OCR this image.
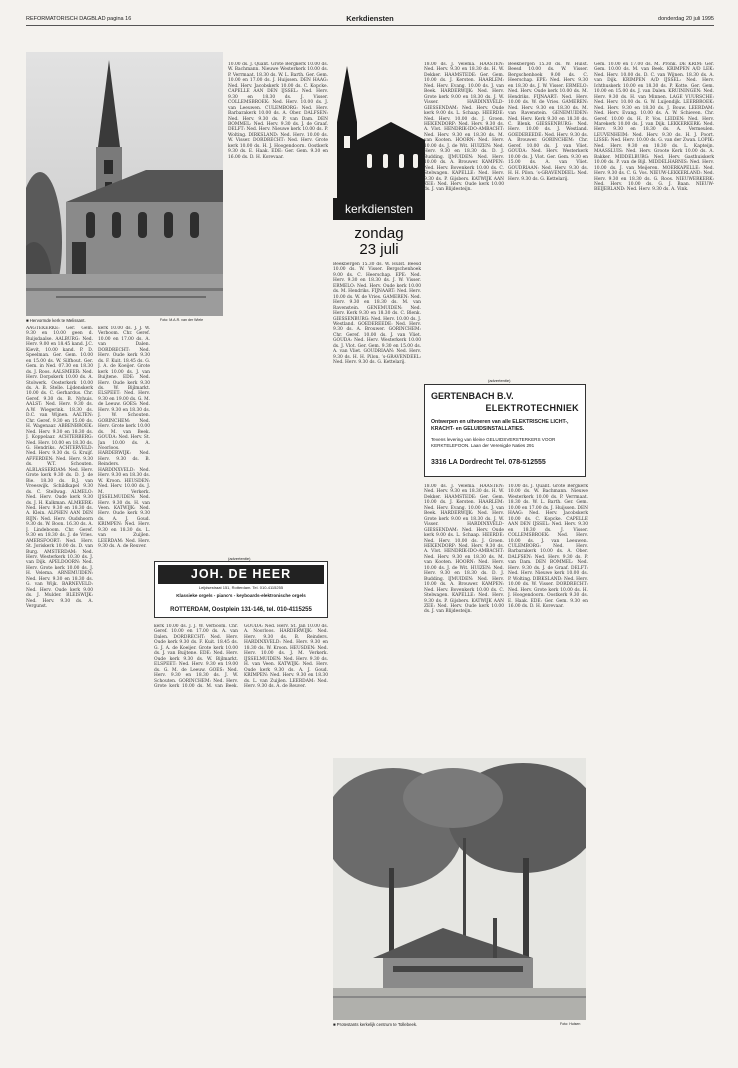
REFORMATORISCH DAGBLAD pagina 16	Kerkdiensten	donderdag 20 juli 1995
■ Hervormde kerk te Melissant.	Foto: M.A.R. van der Wiele
AAGTEKERKE: Ger. Gem. 9.30 en 10.00 geen d. Ruijsdaalse. AALBURG: Ned. Herv. 9.00 en 18.45 kand. J.C. Kievit, 10.00 kand. P. D. Speelman. Ger. Gem. 10.00 en 15.00 ds. W. Silfhout. Ger. Gem. in Ned. 07.30 en 18.30 ds. J. Roos. AALSMEER: Ned. Herv. Dorpskerk 10.00 ds. A. Stolwerk. Oosterkerk 10.00 ds. A. B. Stelle. Lijdenskerk 10.00 ds. C. Gerhardus. Chr. Geref. 9.30 ds. B. Nyhuis. AALST: Ned. Herv. 9.30 ds. A.W. Wiegerink. 18.30 ds. D.C. van Wijnen. AALTEN: Chr. Geref. 9.30 en 15.00 ds. H. Wagenaar. ABBENBROEK: Ned. Herv. 9.30 en 18.30 ds. J. Koppelaar. ACHTERBERG: Ned. Herv. 10.00 en 18.30 ds. G. Hendriks. ACHTERVELD: Ned. Herv. 9.30 ds. G. Kruijf. AFFERDEN: Ned. Herv. 9.30 ds. W.T. Schouten. ALBLASSERDAM: Ned. Herv. Grote kerk 9.30 ds. D. J. de Bie. 18.30 ds. B.J. van Vreeswijk. Schildkapel 9.30 ds. C. Stellwag. ALMELO: Ned. Herv. Oude kerk 9.30 ds. J. H. Kalkman. ALMKERK: Ned. Herv. 9.30 en 18.30 ds. A. Klein. ALPHEN AAN DEN RIJN: Ned. Herv. Oudshoorn 9.30 ds. W. Boon. 16.30 ds. A. J. Lindeboom. Chr. Geref. 9.30 en 18.30 ds. J. de Vries. AMERSFOORT: Ned. Herv. St. Joriskerk 10.00 ds. D. van Burg. AMSTERDAM: Ned. Herv. Westerkerk 10.30 ds. J. van Dijk. APELDOORN: Ned. Herv. Grote kerk 10.00 ds. J. H. Velema. ARNEMUIDEN: Ned. Herv. 9.30 en 18.30 ds. G. van Wijk. BARNEVELD: Ned. Herv. Oude kerk 9.00 ds. J. Mulder. BLEISWIJK: Ned. Herv. 9.30 ds. A. Vergunst.
kerk 10.00 ds. J. J. W. Verboom. Chr. Geref. 10.00 en 17.00 ds. A. van Dalen. DORDRECHT: Ned. Herv. Oude kerk 9.30 ds. F. Kuit. 18.45 ds. G. J. A. de Koeijer. Grote kerk 10.00 ds. J. van Buijtene. EDE: Ned. Herv. Oude kerk 9.30 ds. W. Bijlmarkt. ELSPEET: Ned. Herv. 9.30 en 19.00 ds. G. M. de Leeuw. GOES: Ned. Herv. 9.30 en 18.30 ds. J. W. Schouten. GORINCHEM: Ned. Herv. Grote kerk 10.00 ds. M. van Beek. GOUDA: Ned. Herv. St. Jan 10.00 ds. A. Noorloos. HARDERWIJK: Ned. Herv. 9.30 ds. B. Reinders. HARDINXVELD: Ned. Herv. 9.30 en 18.30 ds. W. Kroon. HEUSDEN: Ned. Herv. 10.00 ds. J. M. Verkerk. IJSSELMUIDEN: Ned. Herv. 9.30 ds. H. van Veen. KATWIJK: Ned. Herv. Oude kerk 9.30 ds. A. J. Goud. KRIMPEN: Ned. Herv. 9.30 en 18.30 ds. L. van Zuijlen. LEERDAM: Ned. Herv. 9.30 ds. A. de Reuver.
10.00 ds. J. Quant. Grote Bergkerk 10.00 ds. W. Bachmann. Nieuwe Westerkerk 10.00 ds. P. Verrmaat. 18.30 ds. W. L. Barth. Ger. Gem. 10.00 en 17.00 ds. J. Huijssen. DEN HAAG: Ned. Herv. Jacobskerk 10.00 ds. C. Kopcke. CAPELLE AAN DEN IJSSEL: Ned. Herv. 9.30 en 18.30 ds. J. Visser. COLLEMSBROEK: Ned. Herv. 10.00 ds. J. van Leeuwen. CULEMBORG: Ned. Herv. Barbarakerk 10.00 ds. A. Ober. DALFSEN: Ned. Herv. 9.30 ds. P. van Dam. DEN BOMMEL: Ned. Herv. 9.30 ds. J. de Graaf. DELFT: Ned. Herv. Nieuwe kerk 10.00 ds. P. Wolting. DIRKSLAND: Ned. Herv. 10.00 ds. W. Visser. DORDRECHT: Ned. Herv. Grote kerk 10.00 ds. H. J. Hoogendoorn. Oostkerk 9.30 ds. E. Haak. EDE: Ger. Gem. 9.30 en 16.00 ds. D. H. Korevaar.
kerk 10.00 ds. J. J. W. Verboom. Chr. Geref. 10.00 en 17.00 ds. A. van Dalen. DORDRECHT: Ned. Herv. Oude kerk 9.30 ds. F. Kuit. 18.45 ds. G. J. A. de Koeijer. Grote kerk 10.00 ds. J. van Buijtene. EDE: Ned. Herv. Oude kerk 9.30 ds. W. Bijlmarkt. ELSPEET: Ned. Herv. 9.30 en 19.00 ds. G. M. de Leeuw. GOES: Ned. Herv. 9.30 en 18.30 ds. J. W. Schouten. GORINCHEM: Ned. Herv. Grote kerk 10.00 ds. M. van Beek. GOUDA: Ned. Herv. St. Jan 10.00 ds. A. Noorloos. HARDERWIJK: Ned. Herv. 9.30 ds. B. Reinders. HARDINXVELD: Ned. Herv. 9.30 en 18.30 ds. W. Kroon. HEUSDEN: Ned. Herv. 10.00 ds. J. M. Verkerk. IJSSELMUIDEN: Ned. Herv. 9.30 ds. H. van Veen. KATWIJK: Ned. Herv. Oude kerk 9.30 ds. A. J. Goud. KRIMPEN: Ned. Herv. 9.30 en 18.30 ds. L. van Zuijlen. LEERDAM: Ned. Herv. 9.30 ds. A. de Reuver.
kerkdiensten
zondag
23 juli
Beekbergen 15.30 ds. W. Hulst. Beesd 10.00 ds. W. Visser. Bergschenhoek 9.00 ds. C. Heerschap. EPE: Ned. Herv. 9.30 en 18.30 ds. J. W. Visser. ERMELO: Ned. Herv. Oude kerk 10.00 ds. M. Hendriks. FIJNAART: Ned. Herv. 10.00 ds. W. de Vries. GAMEREN: Ned. Herv. 9.30 en 18.30 ds. M. van Ravenstein. GENEMUIDEN: Ned. Herv. Kerk 9.30 en 18.30 ds. C. Blenk. GIESSENBURG: Ned. Herv. 10.00 ds. J. Westland. GOEDEREEDE: Ned. Herv. 9.30 ds. A. Brouwer. GORINCHEM: Chr. Geref. 10.00 ds. J. van Vliet. GOUDA: Ned. Herv. Westerkerk 10.00 ds. J. Vlot. Ger. Gem. 9.30 en 15.00 ds. A. van Vliet. GOUDRIAAN: Ned. Herv. 9.30 ds. H. H. Pilon. ’s-GRAVENDEEL: Ned. Herv. 9.30 ds. G. Kettelarij.
18.00 ds. J. Velema. HAASTEN: Ned. Herv. 9.30 en 18.30 ds. H. W. Dekker. HAAMSTEDE: Ger. Gem. 10.00 ds. J. Kersten. HAARLEM: Ned. Herv. Evang. 10.00 ds. J. van Beek. HARDERWIJK: Ned. Herv. Grote kerk 9.00 en 18.30 ds. J. W. Visser. HARDINXVELD-GIESSENDAM: Ned. Herv. Oude kerk 9.00 ds. L. Schaap. HEERDE: Ned. Herv. 10.00 ds. J. Groen. HEKENDORP: Ned. Herv. 9.30 ds. A. Vlot. HENDRIK-IDO-AMBACHT: Ned. Herv. 9.30 en 18.30 ds. M. van Kooten. HOORN: Ned. Herv. 10.00 ds. J. de Wit. HUIZEN: Ned. Herv. 9.30 en 18.30 ds. D. J. Budding. IJMUIDEN: Ned. Herv. 10.00 ds. A. Brouwer. KAMPEN: Ned. Herv. Bovenkerk 10.00 ds. C. Stelwagen. KAPELLE: Ned. Herv. 9.30 ds. P. Gijsbers. KATWIJK AAN ZEE: Ned. Herv. Oude kerk 10.00 ds. J. van Blijdesteijn.
Beekbergen 15.30 ds. W. Hulst. Beesd 10.00 ds. W. Visser. Bergschenhoek 9.00 ds. C. Heerschap. EPE: Ned. Herv. 9.30 en 18.30 ds. J. W. Visser. ERMELO: Ned. Herv. Oude kerk 10.00 ds. M. Hendriks. FIJNAART: Ned. Herv. 10.00 ds. W. de Vries. GAMEREN: Ned. Herv. 9.30 en 18.30 ds. M. van Ravenstein. GENEMUIDEN: Ned. Herv. Kerk 9.30 en 18.30 ds. C. Blenk. GIESSENBURG: Ned. Herv. 10.00 ds. J. Westland. GOEDEREEDE: Ned. Herv. 9.30 ds. A. Brouwer. GORINCHEM: Chr. Geref. 10.00 ds. J. van Vliet. GOUDA: Ned. Herv. Westerkerk 10.00 ds. J. Vlot. Ger. Gem. 9.30 en 15.00 ds. A. van Vliet. GOUDRIAAN: Ned. Herv. 9.30 ds. H. H. Pilon. ’s-GRAVENDEEL: Ned. Herv. 9.30 ds. G. Kettelarij.
18.00 ds. J. Velema. HAASTEN: Ned. Herv. 9.30 en 18.30 ds. H. W. Dekker. HAAMSTEDE: Ger. Gem. 10.00 ds. J. Kersten. HAARLEM: Ned. Herv. Evang. 10.00 ds. J. van Beek. HARDERWIJK: Ned. Herv. Grote kerk 9.00 en 18.30 ds. J. W. Visser. HARDINXVELD-GIESSENDAM: Ned. Herv. Oude kerk 9.00 ds. L. Schaap. HEERDE: Ned. Herv. 10.00 ds. J. Groen. HEKENDORP: Ned. Herv. 9.30 ds. A. Vlot. HENDRIK-IDO-AMBACHT: Ned. Herv. 9.30 en 18.30 ds. M. van Kooten. HOORN: Ned. Herv. 10.00 ds. J. de Wit. HUIZEN: Ned. Herv. 9.30 en 18.30 ds. D. J. Budding. IJMUIDEN: Ned. Herv. 10.00 ds. A. Brouwer. KAMPEN: Ned. Herv. Bovenkerk 10.00 ds. C. Stelwagen. KAPELLE: Ned. Herv. 9.30 ds. P. Gijsbers. KATWIJK AAN ZEE: Ned. Herv. Oude kerk 10.00 ds. J. van Blijdesteijn.
10.00 ds. J. Quant. Grote Bergkerk 10.00 ds. W. Bachmann. Nieuwe Westerkerk 10.00 ds. P. Verrmaat. 18.30 ds. W. L. Barth. Ger. Gem. 10.00 en 17.00 ds. J. Huijssen. DEN HAAG: Ned. Herv. Jacobskerk 10.00 ds. C. Kopcke. CAPELLE AAN DEN IJSSEL: Ned. Herv. 9.30 en 18.30 ds. J. Visser. COLLEMSBROEK: Ned. Herv. 10.00 ds. J. van Leeuwen. CULEMBORG: Ned. Herv. Barbarakerk 10.00 ds. A. Ober. DALFSEN: Ned. Herv. 9.30 ds. P. van Dam. DEN BOMMEL: Ned. Herv. 9.30 ds. J. de Graaf. DELFT: Ned. Herv. Nieuwe kerk 10.00 ds. P. Wolting. DIRKSLAND: Ned. Herv. 10.00 ds. W. Visser. DORDRECHT: Ned. Herv. Grote kerk 10.00 ds. H. J. Hoogendoorn. Oostkerk 9.30 ds. E. Haak. EDE: Ger. Gem. 9.30 en 16.00 ds. D. H. Korevaar.
Gem. 10.00 en 17.00 ds. M. Pronk. DE KRIM: Ger. Gem. 10.00 ds. M. van Beek. KRIMPEN A/D LEK: Ned. Herv. 10.00 ds. D. C. van Wijnen. 18.30 ds. A. van Dijk. KRIMPEN A/D IJSSEL: Ned. Herv. Ichthuskerk 10.00 en 18.30 ds. P. Kotte. Ger. Gem. 10.00 en 15.00 ds. J. van Dalen. KRUININGEN: Ned. Herv. 9.30 ds. H. van Minnen. LAGE VUURSCHE: Ned. Herv. 10.00 ds. G. W. Luijendijk. LEERBROEK: Ned. Herv. 9.30 en 18.30 ds. J. Bouw. LEERDAM: Ned. Herv. Evang. 10.00 ds. A. W. Schieven. Chr. Geref. 10.00 ds. H. P. Vos. LEIDEN: Ned. Herv. Marekerk 10.00 ds. J. van Dijk. LEKKERKERK: Ned. Herv. 9.30 en 18.30 ds. A. Vermeulen. LEUVENHEIM: Ned. Herv. 9.30 ds. H. J. Poort. LISSE: Ned. Herv. 10.00 ds. G. van der Zwan. LOPIK: Ned. Herv. 9.30 en 18.30 ds. L. Kapteijn. MAASSLUIS: Ned. Herv. Groote Kerk 10.00 ds. A. Bakker. MIDDELBURG: Ned. Herv. Gasthuiskerk 10.00 ds. P. van de Bijl. MIDDELHARNIS: Ned. Herv. 10.00 ds. J. van Meijeren. MOERKAPELLE: Ned. Herv. 9.30 ds. C. G. Vos. NIEUW-LEKKERLAND: Ned. Herv. 9.30 en 18.30 ds. G. Roos. NIEUWERKERK: Ned. Herv. 10.00 ds. G. J. Baan. NIEUW-BEIJERLAND: Ned. Herv. 9.30 ds. A. Vink.
(advertentie)
JOH. DE HEER
Leijdsestraat 151, Rotterdam. Tel. 010-4115255
Klassieke orgels - piano's - keyboards-elektronische orgels
ROTTERDAM, Oostplein 131-146, tel. 010-4115255
(advertentie)
GERTENBACH B.V.
ELEKTROTECHNIEK
Ontwerpen en uitvoeren van alle ELEKTRISCHE LICHT-, KRACHT- en GELUIDSINSTALLATIES.
Tevens levering van kleine GELUIDSVERSTERKERS VOOR KERKTELEFOON. Laan der Verenigde Naties 291
3316 LA Dordrecht Tel. 078-512555
■ Protestants kerkelijk centrum te Tollebeek.	Foto: Hulsen
